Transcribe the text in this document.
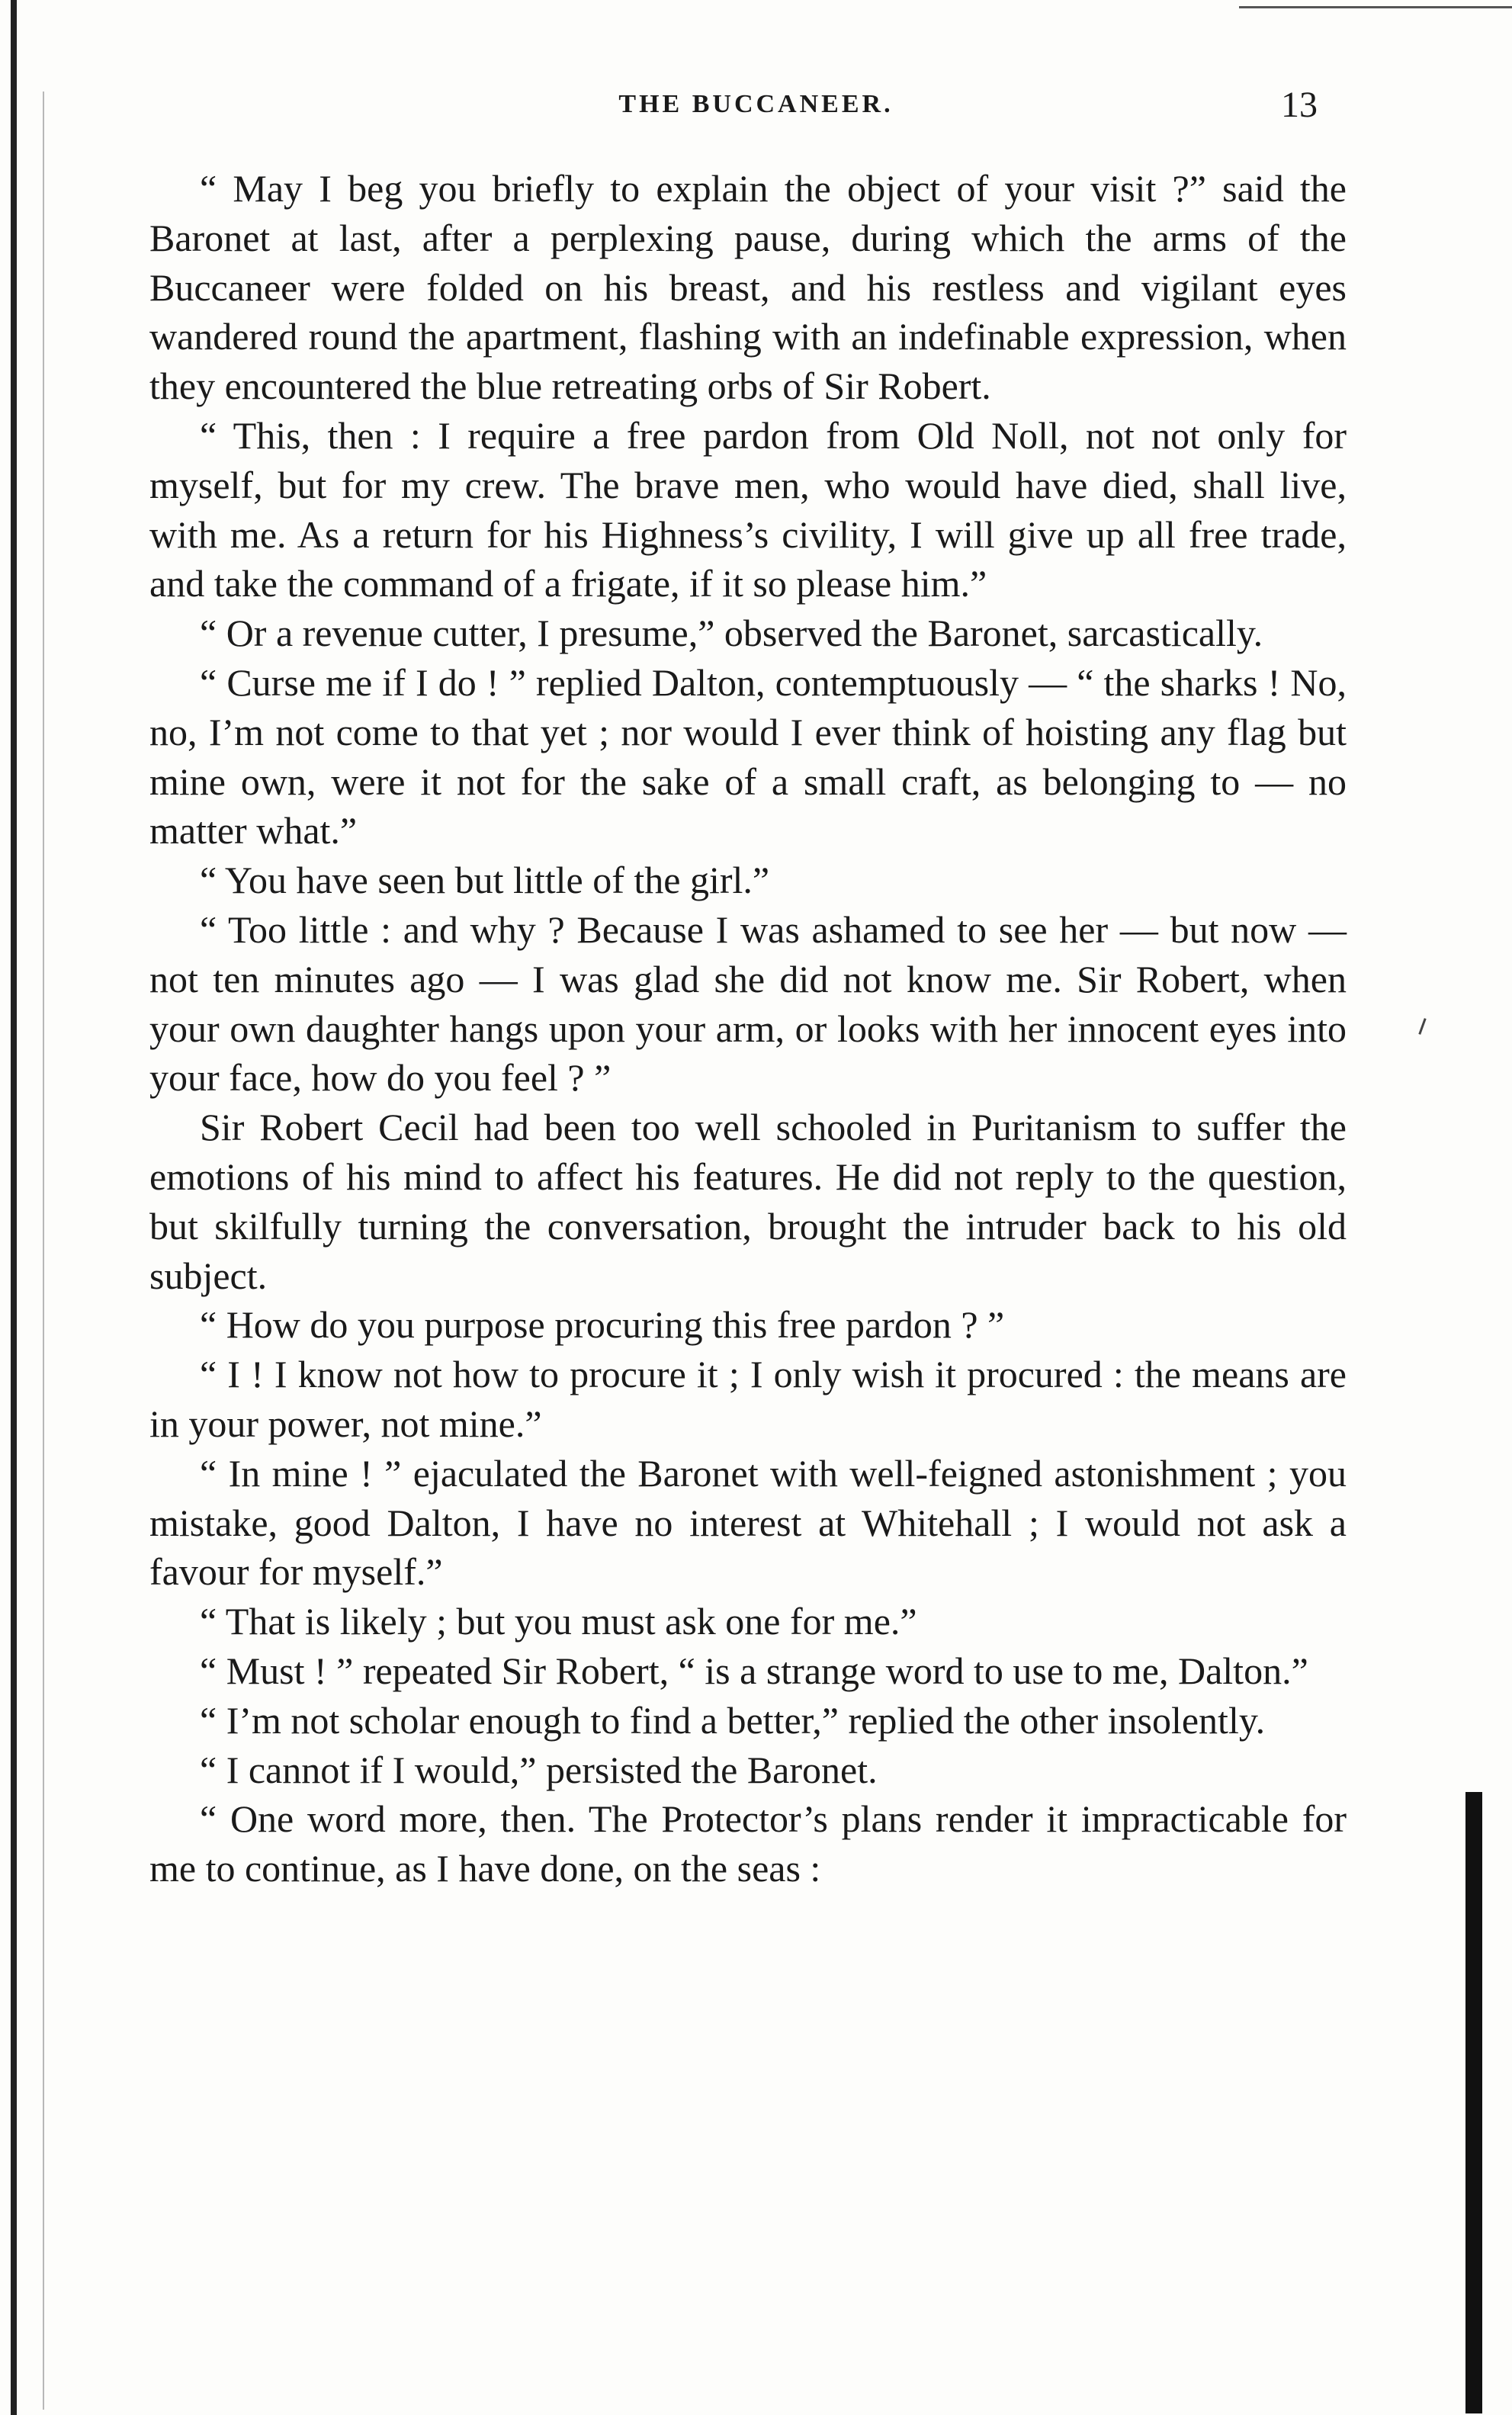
THE BUCCANEER.	13

“ May I beg you briefly to explain the object of your visit ?” said the Baronet at last, after a perplexing pause, during which the arms of the Buccaneer were folded on his breast, and his restless and vigilant eyes wandered round the apartment, flashing with an indefinable expression, when they encountered the blue retreating orbs of Sir Robert.

“ This, then : I require a free pardon from Old Noll, not not only for myself, but for my crew. The brave men, who would have died, shall live, with me. As a return for his Highness’s civility, I will give up all free trade, and take the command of a frigate, if it so please him.”

“ Or a revenue cutter, I presume,” observed the Baronet, sarcastically.

“ Curse me if I do ! ” replied Dalton, contemptuously — “ the sharks ! No, no, I’m not come to that yet ; nor would I ever think of hoisting any flag but mine own, were it not for the sake of a small craft, as belonging to — no matter what.”

“ You have seen but little of the girl.”

“ Too little : and why ? Because I was ashamed to see her — but now — not ten minutes ago — I was glad she did not know me. Sir Robert, when your own daughter hangs upon your arm, or looks with her innocent eyes into your face, how do you feel ? ”

Sir Robert Cecil had been too well schooled in Puritanism to suffer the emotions of his mind to affect his features. He did not reply to the question, but skilfully turning the conversation, brought the intruder back to his old subject.

“ How do you purpose procuring this free pardon ? ”

“ I ! I know not how to procure it ; I only wish it procured : the means are in your power, not mine.”

“ In mine ! ” ejaculated the Baronet with well-feigned astonishment ; you mistake, good Dalton, I have no interest at Whitehall ; I would not ask a favour for myself.”

“ That is likely ; but you must ask one for me.”

“ Must ! ” repeated Sir Robert, “ is a strange word to use to me, Dalton.”

“ I’m not scholar enough to find a better,” replied the other insolently.

“ I cannot if I would,” persisted the Baronet.

“ One word more, then. The Protector’s plans render it impracticable for me to continue, as I have done, on the seas :
